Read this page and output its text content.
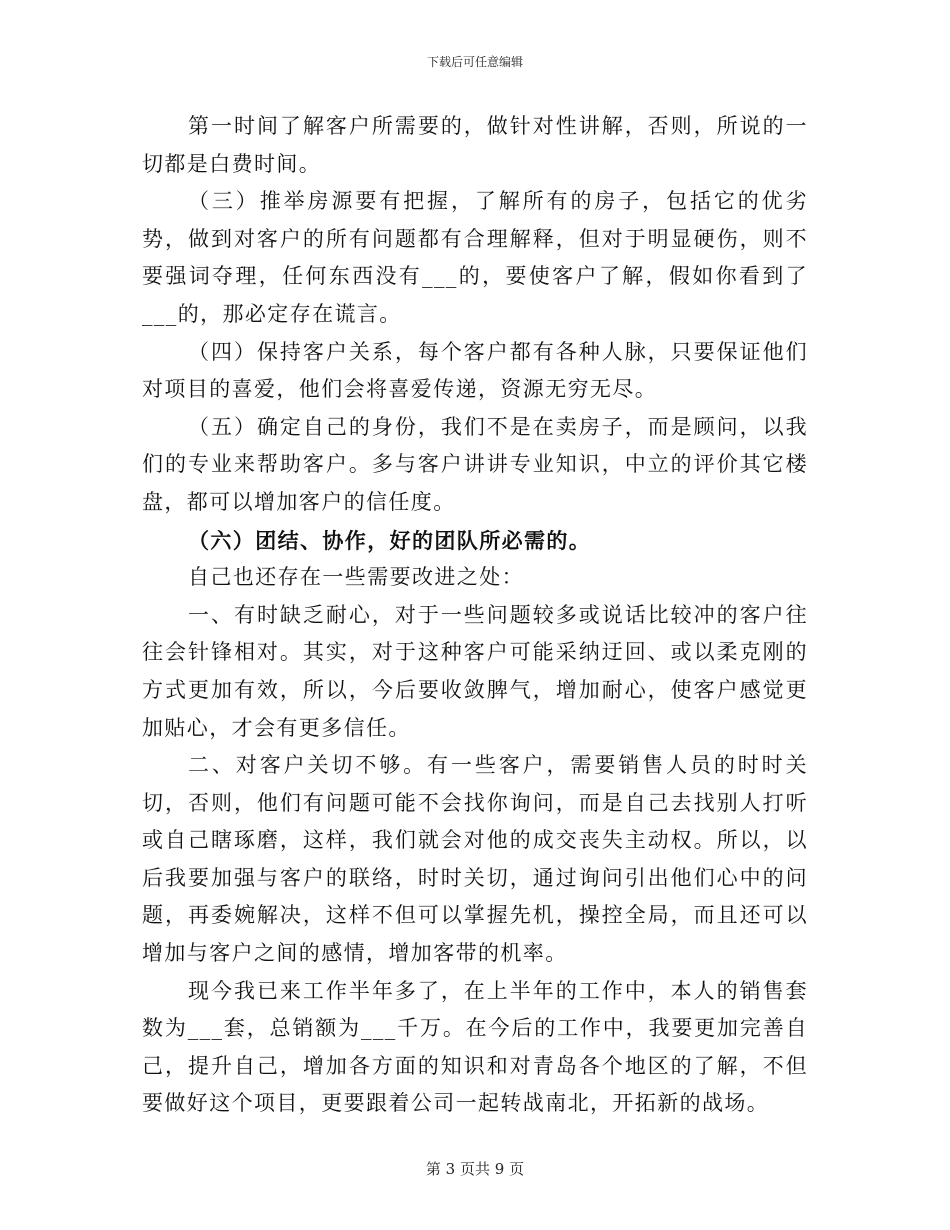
下载后可任意编辑

第一时间了解客户所需要的，做针对性讲解，否则，所说的一切都是白费时间。

（三）推举房源要有把握，了解所有的房子，包括它的优劣势，做到对客户的所有问题都有合理解释，但对于明显硬伤，则不要强词夺理，任何东西没有___的，要使客户了解，假如你看到了___的，那必定存在谎言。

（四）保持客户关系，每个客户都有各种人脉，只要保证他们对项目的喜爱，他们会将喜爱传递，资源无穷无尽。

（五）确定自己的身份，我们不是在卖房子，而是顾问，以我们的专业来帮助客户。多与客户讲讲专业知识，中立的评价其它楼盘，都可以增加客户的信任度。

（六）团结、协作，好的团队所必需的。

自己也还存在一些需要改进之处：

一、有时缺乏耐心，对于一些问题较多或说话比较冲的客户往往会针锋相对。其实，对于这种客户可能采纳迂回、或以柔克刚的方式更加有效，所以，今后要收敛脾气，增加耐心，使客户感觉更加贴心，才会有更多信任。

二、对客户关切不够。有一些客户，需要销售人员的时时关切，否则，他们有问题可能不会找你询问，而是自己去找别人打听或自己瞎琢磨，这样，我们就会对他的成交丧失主动权。所以，以后我要加强与客户的联络，时时关切，通过询问引出他们心中的问题，再委婉解决，这样不但可以掌握先机，操控全局，而且还可以增加与客户之间的感情，增加客带的机率。

现今我已来工作半年多了，在上半年的工作中，本人的销售套数为___套，总销额为___千万。在今后的工作中，我要更加完善自己，提升自己，增加各方面的知识和对青岛各个地区的了解，不但要做好这个项目，更要跟着公司一起转战南北，开拓新的战场。

第 3 页共 9 页
